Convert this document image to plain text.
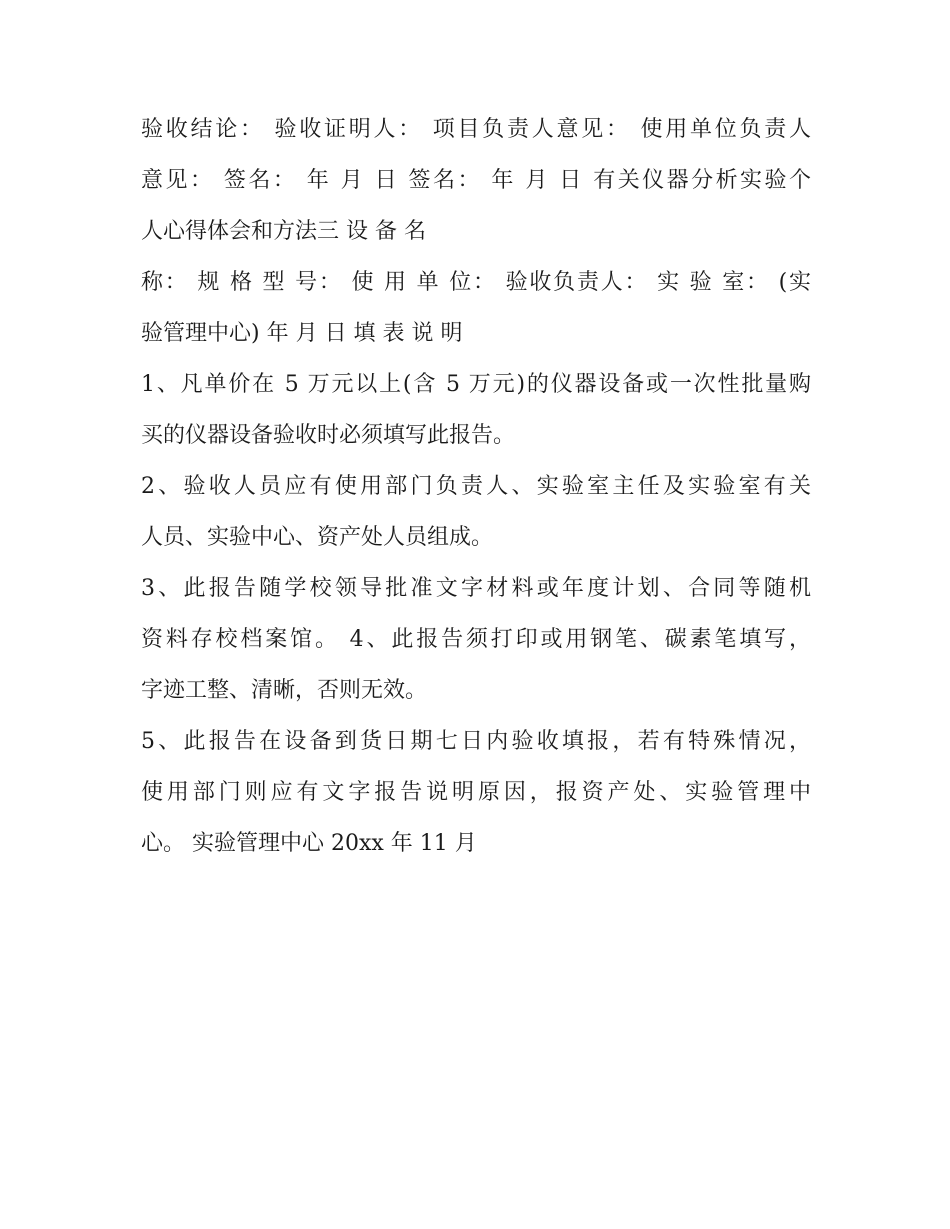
验收结论： 验收证明人： 项目负责人意见： 使用单位负责人
意见： 签名： 年 月 日 签名： 年 月 日 有关仪器分析实验个
人心得体会和方法三 设 备 名
称： 规 格 型 号： 使 用 单 位： 验收负责人： 实 验 室： (实
验管理中心) 年 月 日 填 表 说 明
1、凡单价在 5 万元以上(含 5 万元)的仪器设备或一次性批量购
买的仪器设备验收时必须填写此报告。
2、验收人员应有使用部门负责人、实验室主任及实验室有关
人员、实验中心、资产处人员组成。
3、此报告随学校领导批准文字材料或年度计划、合同等随机
资料存校档案馆。 4、此报告须打印或用钢笔、碳素笔填写，
字迹工整、清晰，否则无效。
5、此报告在设备到货日期七日内验收填报，若有特殊情况，
使用部门则应有文字报告说明原因，报资产处、实验管理中
心。 实验管理中心 20xx 年 11 月
